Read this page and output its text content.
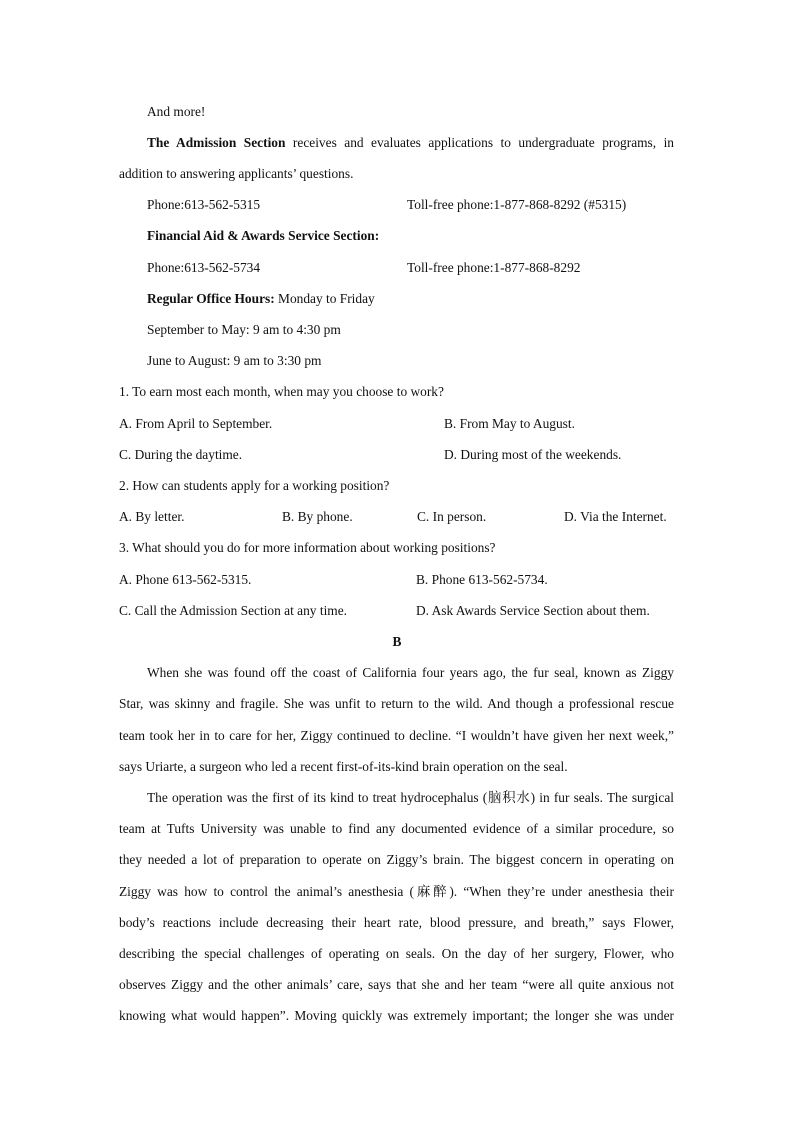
And more!
The Admission Section receives and evaluates applications to undergraduate programs, in
addition to answering applicants’ questions.
Phone:613-562-5315	Toll-free phone:1-877-868-8292 (#5315)
Financial Aid & Awards Service Section:
Phone:613-562-5734	Toll-free phone:1-877-868-8292
Regular Office Hours: Monday to Friday
September to May: 9 am to 4:30 pm
June to August: 9 am to 3:30 pm
1. To earn most each month, when may you choose to work?
A. From April to September.	B. From May to August.
C. During the daytime.	D. During most of the weekends.
2. How can students apply for a working position?
A. By letter.	B. By phone.	C. In person.	D. Via the Internet.
3. What should you do for more information about working positions?
A. Phone 613-562-5315.	B. Phone 613-562-5734.
C. Call the Admission Section at any time.	D. Ask Awards Service Section about them.
B
When she was found off the coast of California four years ago, the fur seal, known as Ziggy
Star, was skinny and fragile. She was unfit to return to the wild. And though a professional rescue
team took her in to care for her, Ziggy continued to decline. “I wouldn’t have given her next week,”
says Uriarte, a surgeon who led a recent first-of-its-kind brain operation on the seal.
The operation was the first of its kind to treat hydrocephalus (脑积水) in fur seals. The surgical
team at Tufts University was unable to find any documented evidence of a similar procedure, so
they needed a lot of preparation to operate on Ziggy’s brain. The biggest concern in operating on
Ziggy was how to control the animal’s anesthesia (麻醉). “When they’re under anesthesia their
body’s reactions include decreasing their heart rate, blood pressure, and breath,” says Flower,
describing the special challenges of operating on seals. On the day of her surgery, Flower, who
observes Ziggy and the other animals’ care, says that she and her team “were all quite anxious not
knowing what would happen”. Moving quickly was extremely important; the longer she was under
